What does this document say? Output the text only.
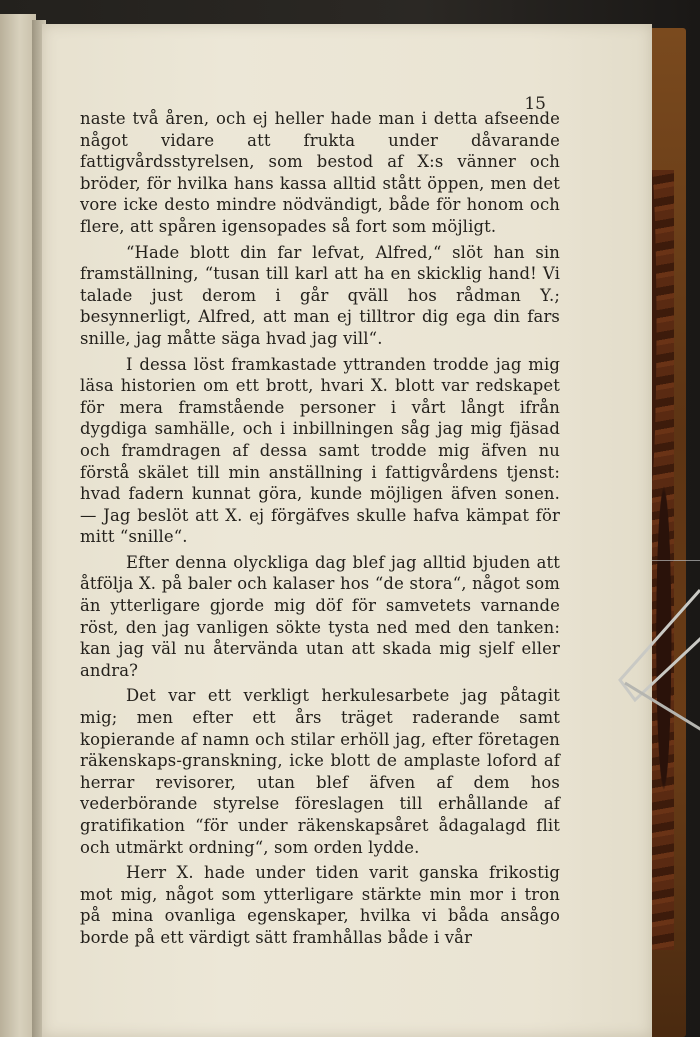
15

naste två åren, och ej heller hade man i detta afseende något vidare att frukta under dåvarande fattigvårdsstyrelsen, som bestod af X:s vänner och bröder, för hvilka hans kassa alltid stått öppen, men det vore icke desto mindre nödvändigt, både för honom och flere, att spåren igensopades så fort som möjligt.

“Hade blott din far lefvat, Alfred,“ slöt han sin framställning, “tusan till karl att ha en skicklig hand! Vi talade just derom i går qväll hos rådman Y.; besynnerligt, Alfred, att man ej tilltror dig ega din fars snille, jag måtte säga hvad jag vill“.

I dessa löst framkastade yttranden trodde jag mig läsa historien om ett brott, hvari X. blott var redskapet för mera framstående personer i vårt långt ifrån dygdiga samhälle, och i inbillningen såg jag mig fjäsad och framdragen af dessa samt trodde mig äfven nu förstå skälet till min anställning i fattigvårdens tjenst: hvad fadern kunnat göra, kunde möjligen äfven sonen. — Jag beslöt att X. ej förgäfves skulle hafva kämpat för mitt “snille“.

Efter denna olyckliga dag blef jag alltid bjuden att åtfölja X. på baler och kalaser hos “de stora“, något som än ytterligare gjorde mig döf för samvetets varnande röst, den jag vanligen sökte tysta ned med den tanken: kan jag väl nu återvända utan att skada mig sjelf eller andra?

Det var ett verkligt herkulesarbete jag påtagit mig; men efter ett års träget raderande samt kopierande af namn och stilar erhöll jag, efter företagen räkenskaps-granskning, icke blott de amplaste loford af herrar revisorer, utan blef äfven af dem hos vederbörande styrelse föreslagen till erhållande af gratifikation “för under räkenskapsåret ådagalagd flit och utmärkt ordning“, som orden lydde.

Herr X. hade under tiden varit ganska frikostig mot mig, något som ytterligare stärkte min mor i tron på mina ovanliga egenskaper, hvilka vi båda ansågo borde på ett värdigt sätt framhållas både i vår
